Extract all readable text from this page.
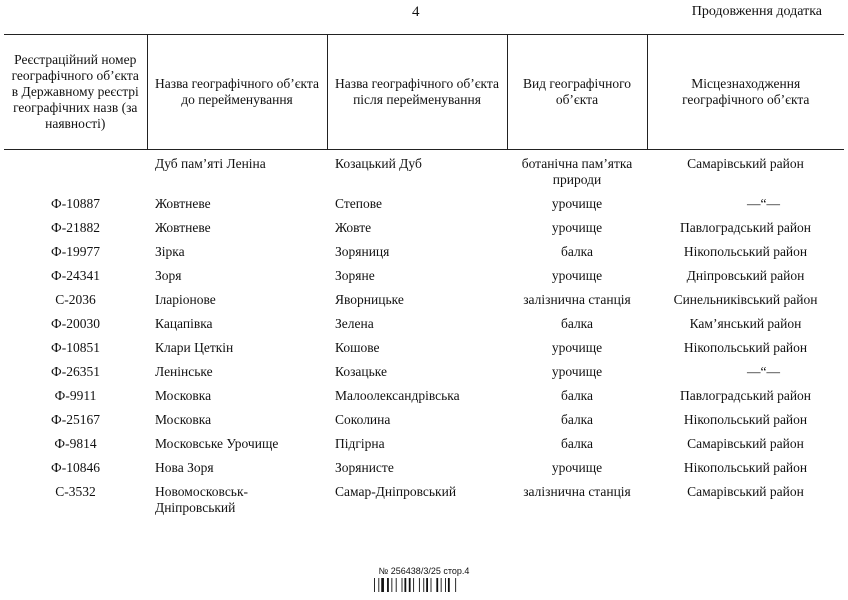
4	Продовження додатка
Реєстраційний номер географічного об’єкта в Державному реєстрі географічних назв (за наявності)	Назва географічного об’єкта до перейменування	Назва географічного об’єкта після перейменування	Вид географічного об’єкта	Місцезнаходження географічного об’єкта
	Дуб пам’яті Леніна	Козацький Дуб	ботанічна пам’ятка природи	Самарівський район
Ф-10887	Жовтневе	Степове	урочище	—“—
Ф-21882	Жовтневе	Жовте	урочище	Павлоградський район
Ф-19977	Зірка	Зоряниця	балка	Нікопольський район
Ф-24341	Зоря	Зоряне	урочище	Дніпровський район
С-2036	Іларіонове	Яворницьке	залізнична станція	Синельниківський район
Ф-20030	Кацапівка	Зелена	балка	Кам’янський район
Ф-10851	Клари Цеткін	Кошове	урочище	Нікопольський район
Ф-26351	Ленінське	Козацьке	урочище	—“—
Ф-9911	Московка	Малоолександрівська	балка	Павлоградський район
Ф-25167	Московка	Соколина	балка	Нікопольський район
Ф-9814	Московське Урочище	Підгірна	балка	Самарівський район
Ф-10846	Нова Зоря	Зорянисте	урочище	Нікопольський район
С-3532	Новомосковськ-Дніпровський	Самар-Дніпровський	залізнична станція	Самарівський район
№ 256438/3/25 стор.4
